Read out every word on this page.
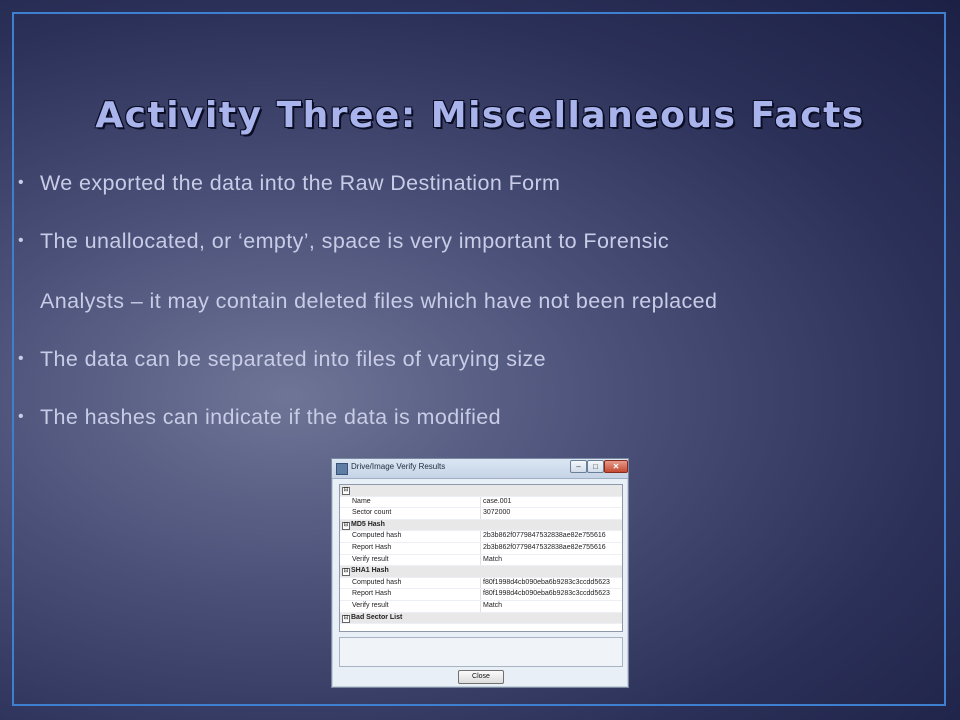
Activity Three: Miscellaneous Facts
• We exported the data into the Raw Destination Form
• The unallocated, or ‘empty’, space is very important to Forensic
Analysts – it may contain deleted files which have not been replaced
• The data can be separated into files of varying size
• The hashes can indicate if the data is modified
Drive/Image Verify Results	–	□	✕
⊟
Name	case.001
Sector count	3072000
⊟ MD5 Hash
Computed hash	2b3b862f0779847532838ae82e755616
Report Hash	2b3b862f0779847532838ae82e755616
Verify result	Match
⊟ SHA1 Hash
Computed hash	f80f1998d4cb090eba6b9283c3ccdd5623
Report Hash	f80f1998d4cb090eba6b9283c3ccdd5623
Verify result	Match
⊟ Bad Sector List
Close
